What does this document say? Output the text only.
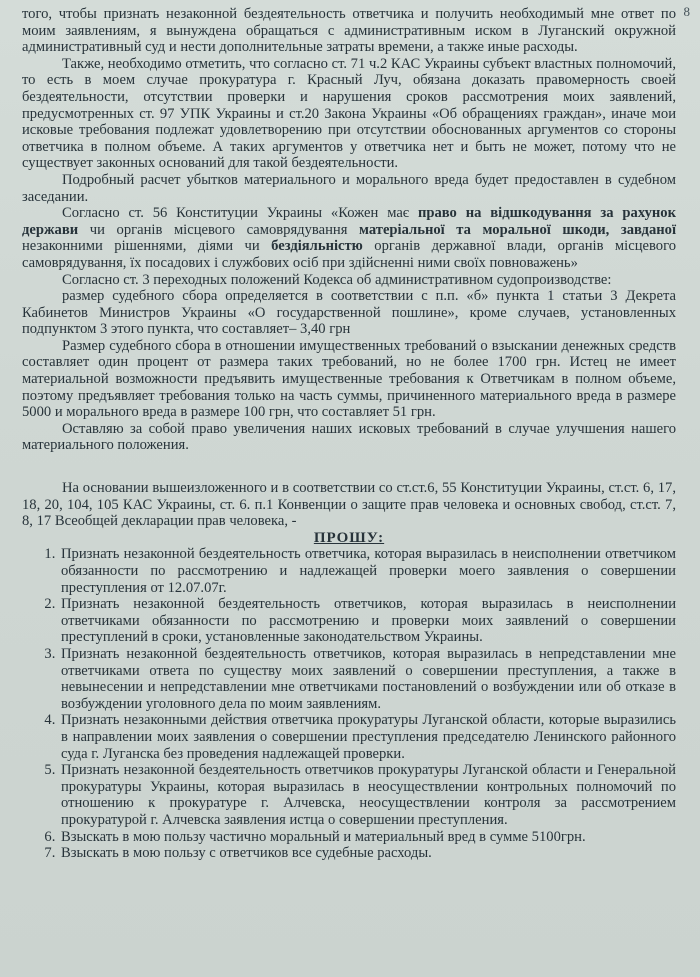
8

того, чтобы признать незаконной бездеятельность ответчика и получить необходимый мне ответ по моим заявлениям, я вынуждена обращаться с административным иском в Луганский окружной административный суд и нести дополнительные затраты времени, а также иные расходы.

Также, необходимо отметить, что согласно ст. 71 ч.2 КАС Украины субъект властных полномочий, то есть в моем случае прокуратура г. Красный Луч, обязана доказать правомерность своей бездеятельности, отсутствии проверки и нарушения сроков рассмотрения моих заявлений, предусмотренных ст. 97 УПК Украины и ст.20 Закона Украины «Об обращениях граждан», иначе мои исковые требования подлежат удовлетворению при отсутствии обоснованных аргументов со стороны ответчика в полном объеме. А таких аргументов у ответчика нет и быть не может, потому что не существует законных оснований для такой бездеятельности.

Подробный расчет убытков материального и морального вреда будет предоставлен в судебном заседании.

Согласно ст. 56 Конституции Украины «Кожен має право на відшкодування за рахунок держави чи органів місцевого самоврядування матеріальної та моральної шкоди, завданої незаконними рішеннями, діями чи бездіяльністю органів державної влади, органів місцевого самоврядування, їх посадових і службових осіб при здійсненні ними своїх повноважень»

Согласно ст. 3 переходных положений Кодекса об административном судопроизводстве:

размер судебного сбора определяется в соответствии с п.п. «б» пункта 1 статьи 3 Декрета Кабинетов Министров Украины «О государственной пошлине», кроме случаев, установленных подпунктом 3 этого пункта, что составляет– 3,40 грн

Размер судебного сбора в отношении имущественных требований о взыскании денежных средств составляет один процент от размера таких требований, но не более 1700 грн. Истец не имеет материальной возможности предъявить имущественные требования к Ответчикам в полном объеме, поэтому предъявляет требования только на часть суммы, причиненного материального вреда в размере 5000 и морального вреда в размере 100 грн, что составляет 51 грн.

Оставляю за собой право увеличения наших исковых требований в случае улучшения нашего материального положения.

На основании вышеизложенного и в соответствии со ст.ст.6, 55 Конституции Украины, ст.ст. 6, 17, 18, 20, 104, 105 КАС Украины, ст. 6. п.1 Конвенции о защите прав человека и основных свобод, ст.ст. 7, 8, 17 Всеобщей декларации прав человека, -

ПРОШУ:

1. Признать незаконной бездеятельность ответчика, которая выразилась в неисполнении ответчиком обязанности по рассмотрению и надлежащей проверки моего заявления о совершении преступления от 12.07.07г.
2. Признать незаконной бездеятельность ответчиков, которая выразилась в неисполнении ответчиками обязанности по рассмотрению и проверки моих заявлений о совершении преступлений в сроки, установленные законодательством Украины.
3. Признать незаконной бездеятельность ответчиков, которая выразилась в непредставлении мне ответчиками ответа по существу моих заявлений о совершении преступления, а также в невынесении и непредставлении мне ответчиками постановлений о возбуждении или об отказе в возбуждении уголовного дела по моим заявлениям.
4. Признать незаконными действия ответчика прокуратуры Луганской области, которые выразились в направлении моих заявления о совершении преступления председателю Ленинского районного суда г. Луганска без проведения надлежащей проверки.
5. Признать незаконной бездеятельность ответчиков прокуратуры Луганской области и Генеральной прокуратуры Украины, которая выразилась в неосуществлении контрольных полномочий по отношению к прокуратуре г. Алчевска, неосуществлении контроля за рассмотрением прокуратурой г. Алчевска заявления истца о совершении преступления.
6. Взыскать в мою пользу частично моральный и материальный вред в сумме 5100грн.
7. Взыскать в мою пользу с ответчиков все судебные расходы.
